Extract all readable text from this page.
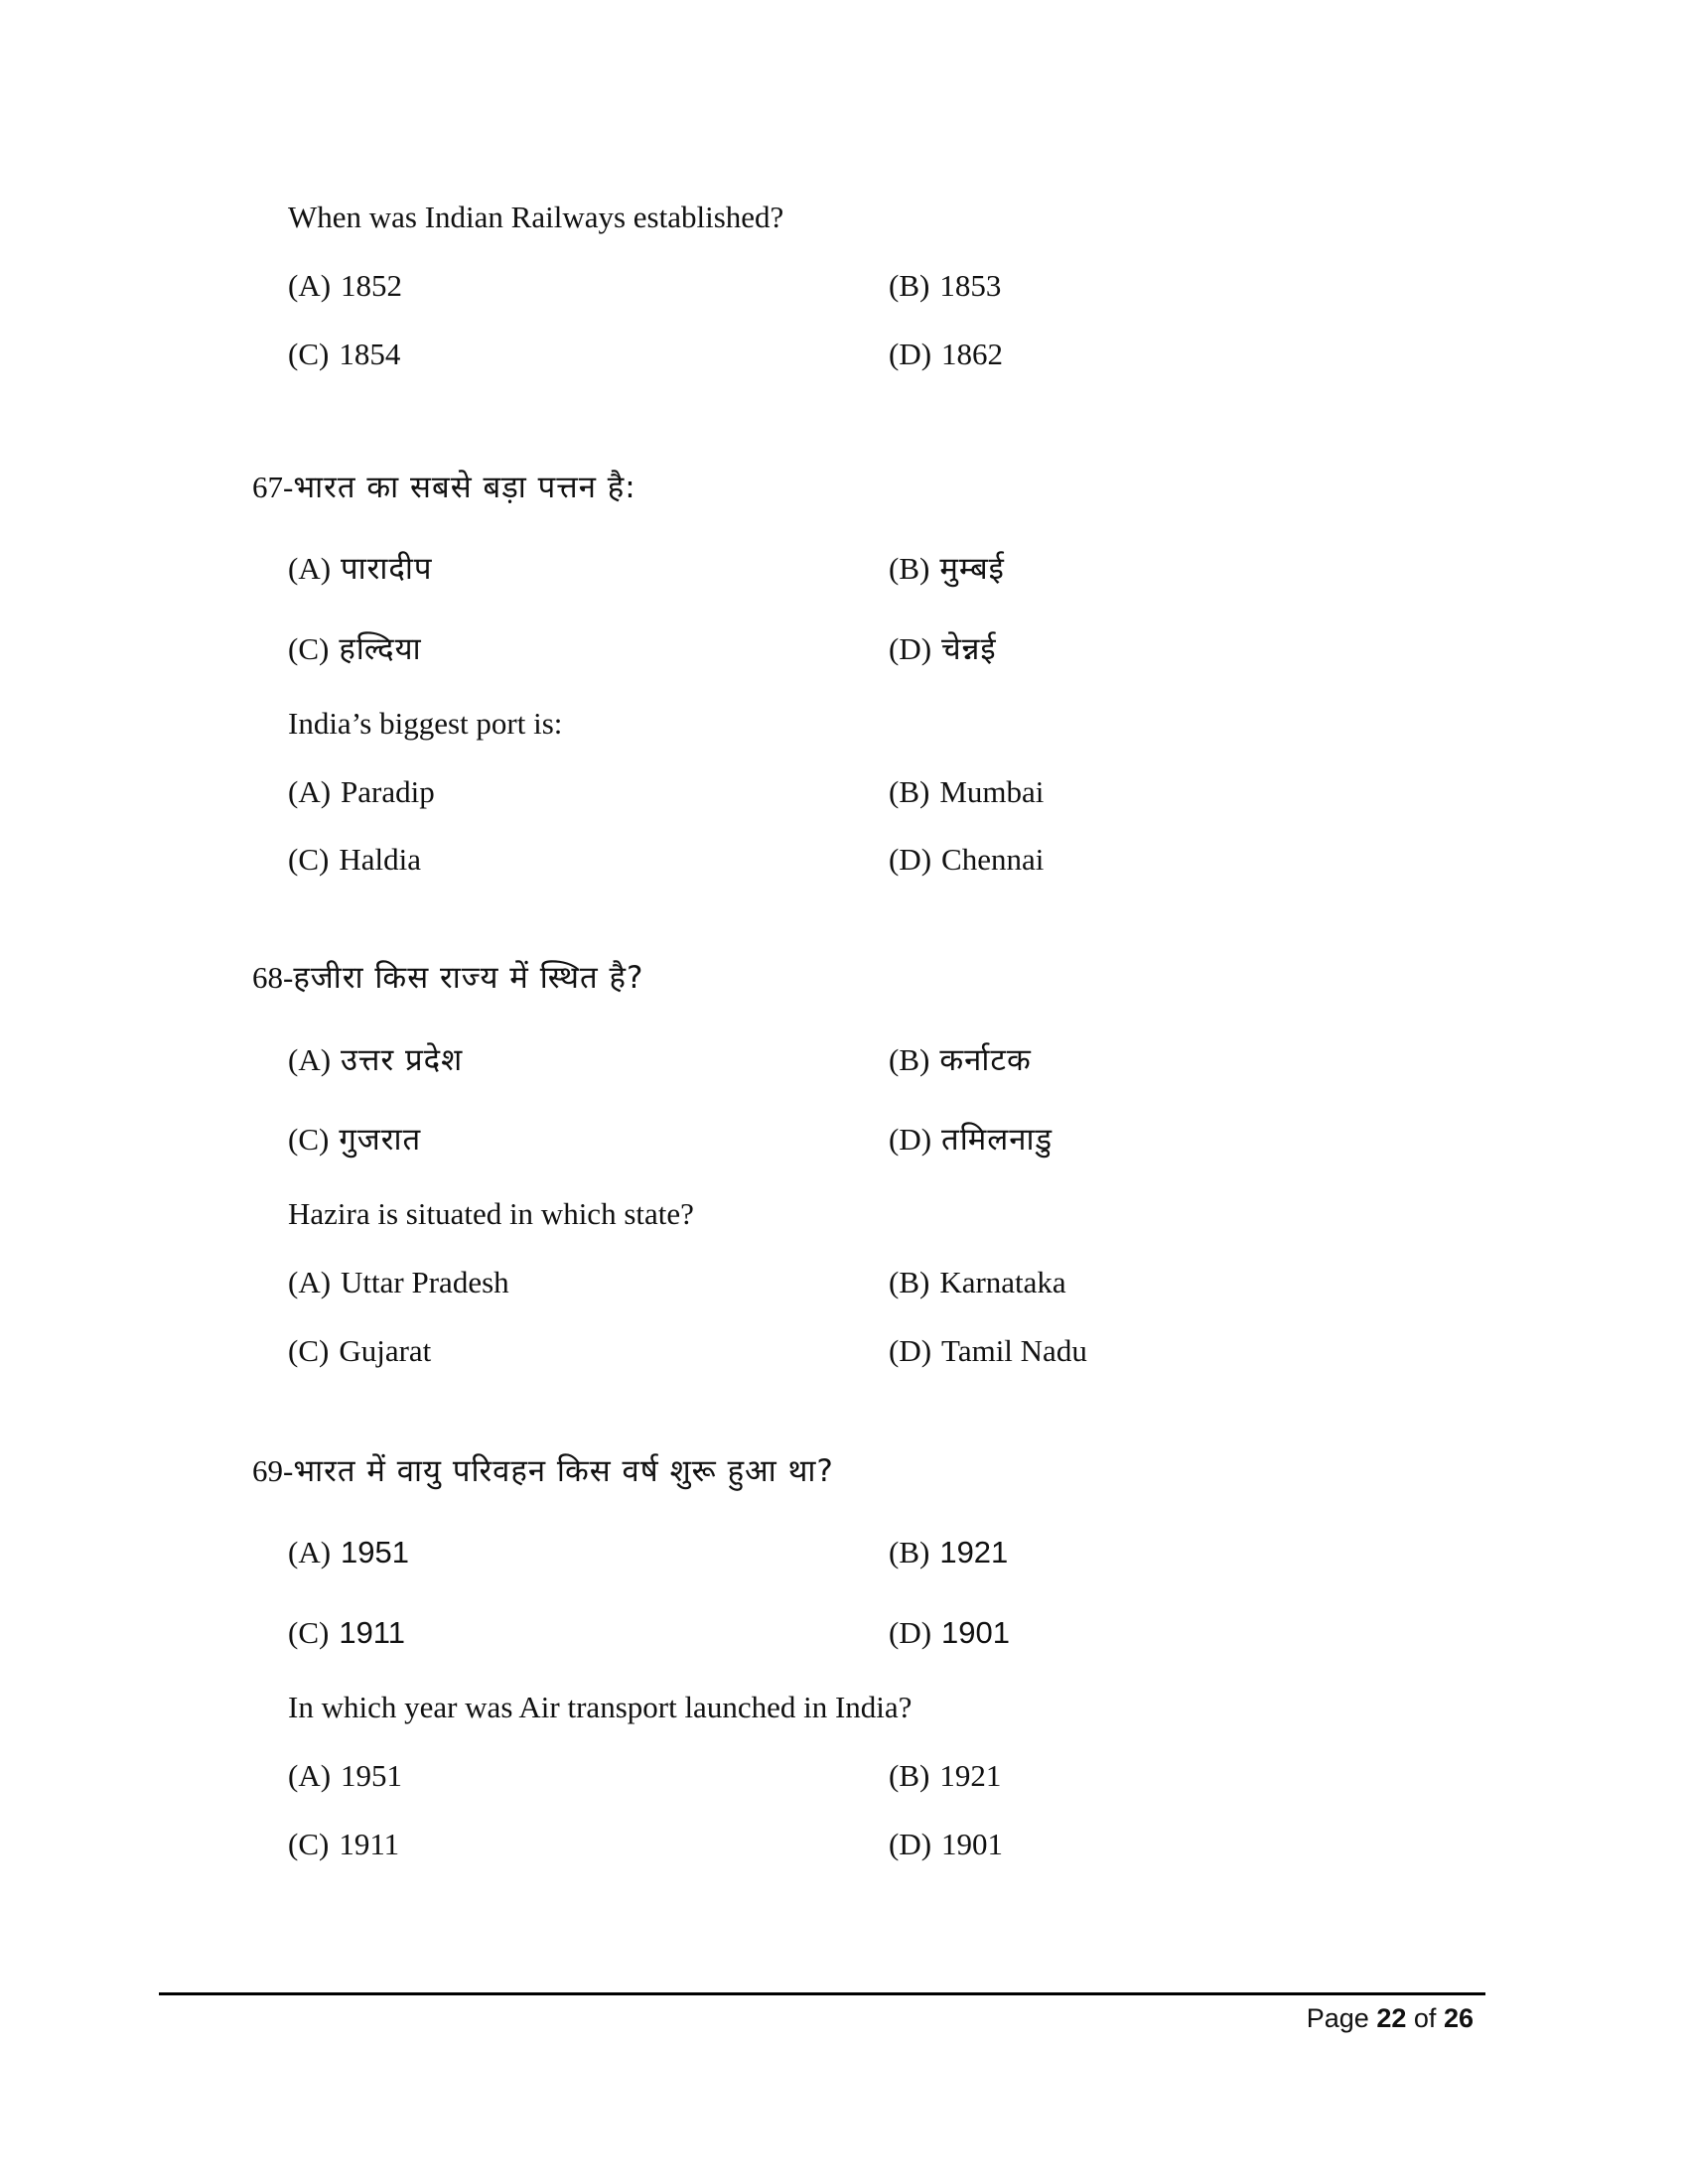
When was Indian Railways established?
(A) 1852	(B) 1853
(C) 1854	(D) 1862
67-भारत का सबसे बड़ा पत्तन है:
(A) पारादीप	(B) मुम्बई
(C) हल्दिया	(D) चेन्नई
India’s biggest port is:
(A) Paradip	(B) Mumbai
(C) Haldia	(D) Chennai
68-हजीरा किस राज्य में स्थित है?
(A) उत्तर प्रदेश	(B) कर्नाटक
(C) गुजरात	(D) तमिलनाडु
Hazira is situated in which state?
(A) Uttar Pradesh	(B) Karnataka
(C) Gujarat	(D) Tamil Nadu
69-भारत में वायु परिवहन किस वर्ष शुरू हुआ था?
(A) 1951	(B) 1921
(C) 1911	(D) 1901
In which year was Air transport launched in India?
(A) 1951	(B) 1921
(C) 1911	(D) 1901
Page 22 of 26
